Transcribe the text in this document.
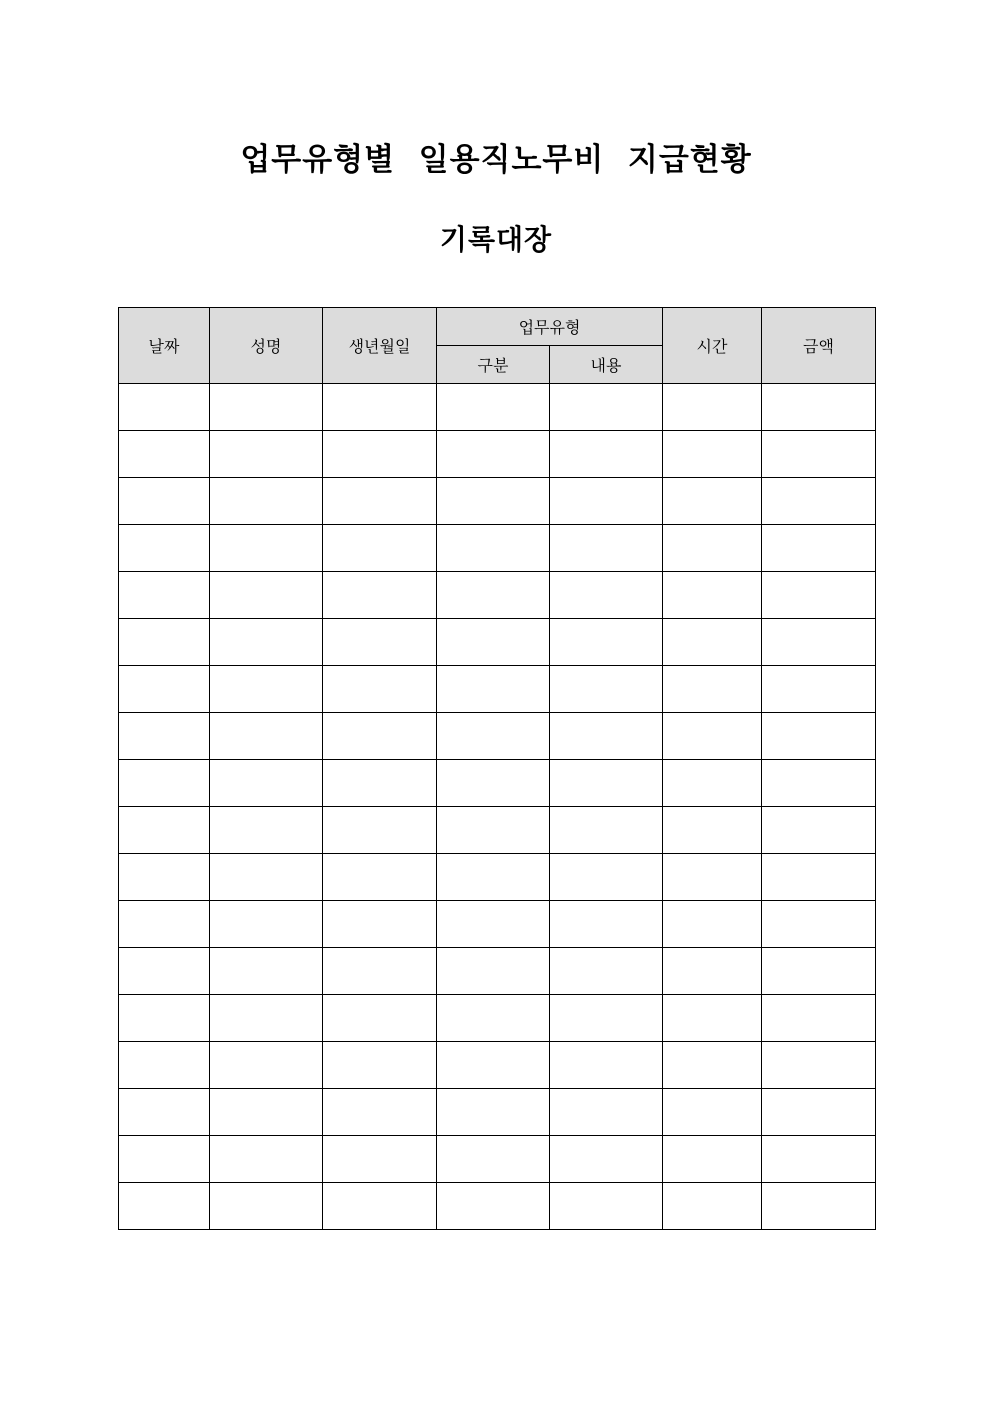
업무유형별  일용직노무비  지급현황
기록대장
날짜	성명	생년월일	업무유형		시간	금액
			구분	내용		
